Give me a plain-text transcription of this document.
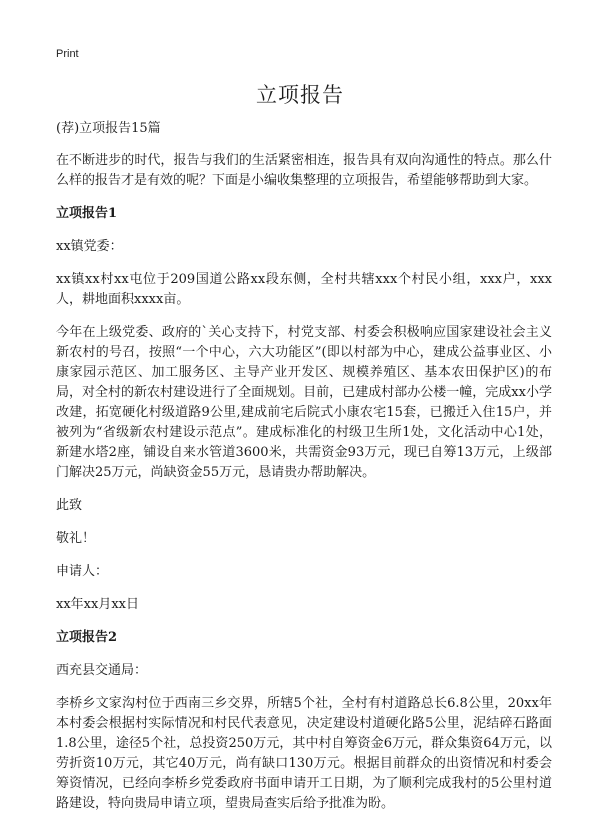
Print
立项报告

(荐)立项报告15篇

在不断进步的时代，报告与我们的生活紧密相连，报告具有双向沟通性的特点。那么什么样的报告才是有效的呢？下面是小编收集整理的立项报告，希望能够帮助到大家。

立项报告1

xx镇党委：

xx镇xx村xx屯位于209国道公路xx段东侧，全村共辖xxx个村民小组，xxx户，xxx人，耕地面积xxxx亩。

今年在上级党委、政府的`关心支持下，村党支部、村委会积极响应国家建设社会主义新农村的号召，按照“一个中心，六大功能区”(即以村部为中心，建成公益事业区、小康家园示范区、加工服务区、主导产业开发区、规模养殖区、基本农田保护区)的布局，对全村的新农村建设进行了全面规划。目前，已建成村部办公楼一幢，完成xx小学改建，拓宽硬化村级道路9公里,建成前宅后院式小康农宅15套，已搬迁入住15户，并被列为“省级新农村建设示范点”。建成标准化的村级卫生所1处，文化活动中心1处，新建水塔2座，铺设自来水管道3600米，共需资金93万元，现已自筹13万元，上级部门解决25万元，尚缺资金55万元，恳请贵办帮助解决。

此致

敬礼！

申请人：

xx年xx月xx日

立项报告2

西充县交通局：

李桥乡文家沟村位于西南三乡交界，所辖5个社，全村有村道路总长6.8公里，20xx年本村委会根据村实际情况和村民代表意见，决定建设村道硬化路5公里，泥结碎石路面1.8公里，途径5个社，总投资250万元，其中村自筹资金6万元，群众集资64万元，以劳折资10万元，其它40万元，尚有缺口130万元。根据目前群众的出资情况和村委会筹资情况，已经向李桥乡党委政府书面申请开工日期，为了顺利完成我村的5公里村道路建设，特向贵局申请立项，望贵局查实后给予批准为盼。
